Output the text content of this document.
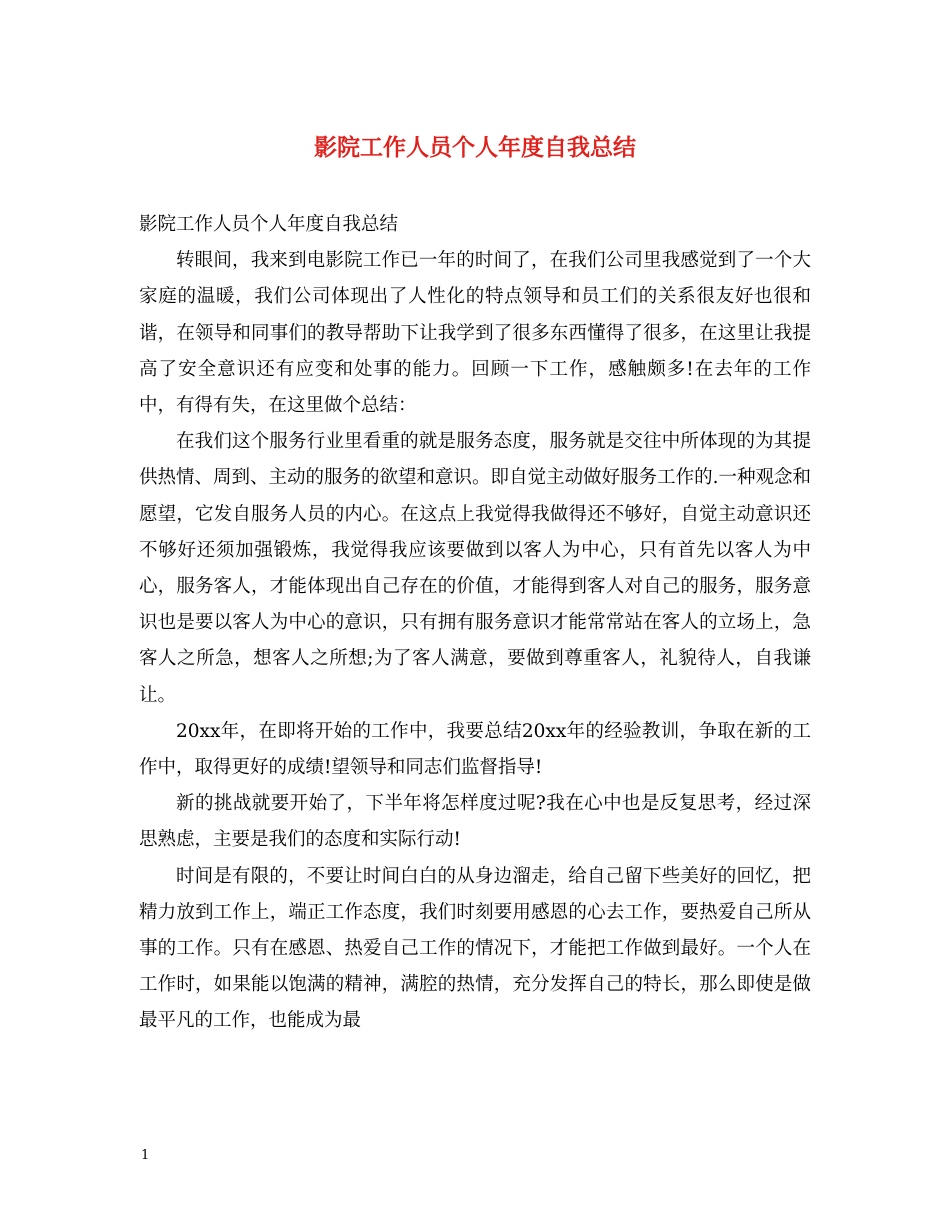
影院工作人员个人年度自我总结

影院工作人员个人年度自我总结

转眼间，我来到电影院工作已一年的时间了，在我们公司里我感觉到了一个大家庭的温暖，我们公司体现出了人性化的特点领导和员工们的关系很友好也很和谐，在领导和同事们的教导帮助下让我学到了很多东西懂得了很多，在这里让我提高了安全意识还有应变和处事的能力。回顾一下工作，感触颇多!在去年的工作中，有得有失，在这里做个总结：

在我们这个服务行业里看重的就是服务态度，服务就是交往中所体现的为其提供热情、周到、主动的服务的欲望和意识。即自觉主动做好服务工作的.一种观念和愿望，它发自服务人员的内心。在这点上我觉得我做得还不够好，自觉主动意识还不够好还须加强锻炼，我觉得我应该要做到以客人为中心，只有首先以客人为中心，服务客人，才能体现出自己存在的价值，才能得到客人对自己的服务，服务意识也是要以客人为中心的意识，只有拥有服务意识才能常常站在客人的立场上，急客人之所急，想客人之所想;为了客人满意，要做到尊重客人，礼貌待人，自我谦让。

20xx年，在即将开始的工作中，我要总结20xx年的经验教训，争取在新的工作中，取得更好的成绩!望领导和同志们监督指导!

新的挑战就要开始了，下半年将怎样度过呢?我在心中也是反复思考，经过深思熟虑，主要是我们的态度和实际行动!

时间是有限的，不要让时间白白的从身边溜走，给自己留下些美好的回忆，把精力放到工作上，端正工作态度，我们时刻要用感恩的心去工作，要热爱自己所从事的工作。只有在感恩、热爱自己工作的情况下，才能把工作做到最好。一个人在工作时，如果能以饱满的精神，满腔的热情，充分发挥自己的特长，那么即使是做最平凡的工作，也能成为最

1
